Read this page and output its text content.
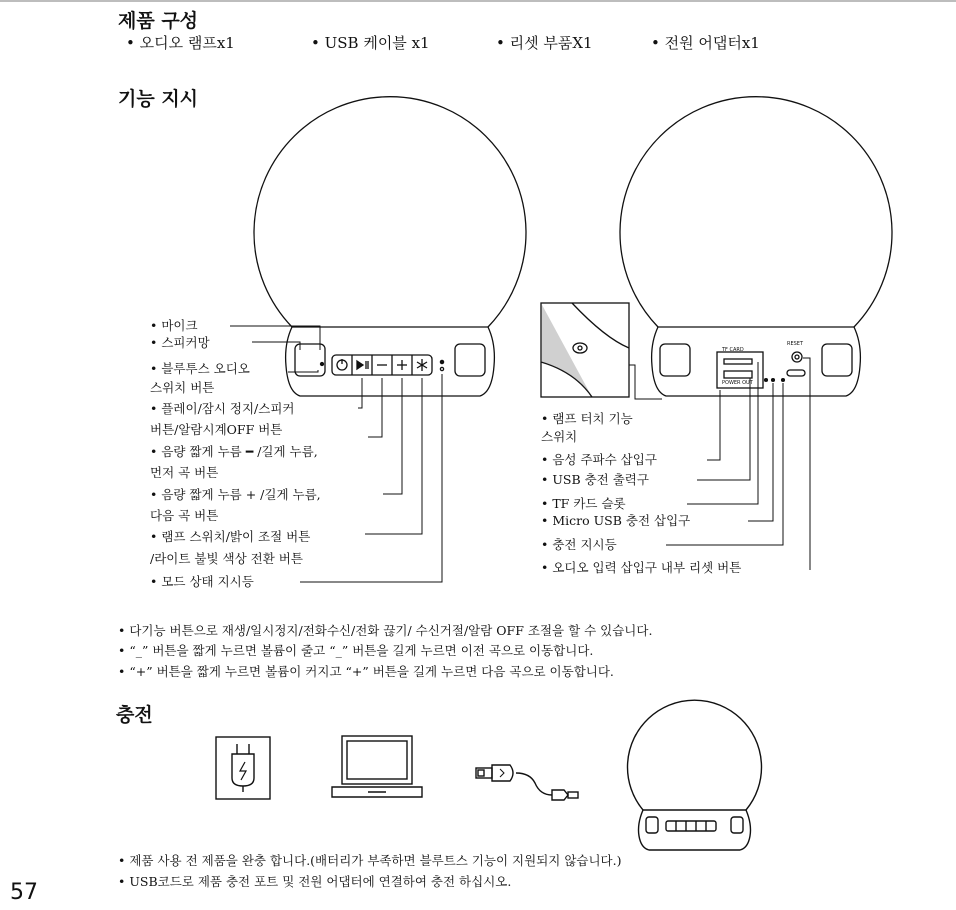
제품 구성
• 오디오 램프x1	• USB 케이블 x1	• 리셋 부품X1	• 전원 어댑터x1
기능 지시
TF CARD
POWER OUT
RESET
• 마이크
• 스피커망
• 블루투스 오디오
스위치 버튼
• 플레이/잠시 정지/스피커
버튼/알람시계OFF 버튼
• 음량 짧게 누름 ━ /길게 누름,
먼저 곡 버튼
• 음량 짧게 누름 + /길게 누름,
다음 곡 버튼
• 램프 스위치/밝이 조절 버튼
/라이트 불빛 색상 전환 버튼
• 모드 상태 지시등
• 램프 터치 기능
스위치
• 음성 주파수 삽입구
• USB 충전 출력구
• TF 카드 슬롯
• Micro USB 충전 삽입구
• 충전 지시등
• 오디오 입력 삽입구 내부 리셋 버튼
• 다기능 버튼으로 재생/일시정지/전화수신/전화 끊기/ 수신거절/알람 OFF 조절을 할 수 있습니다.
• “_” 버튼을 짧게 누르면 볼륨이 줄고 “_” 버튼을 길게 누르면 이전 곡으로 이동합니다.
• “+” 버튼을 짧게 누르면 볼륨이 커지고 “+” 버튼을 길게 누르면 다음 곡으로 이동합니다.
충전
• 제품 사용 전 제품을 완충 합니다.(배터리가 부족하면 블루트스 기능이 지원되지 않습니다.)
• USB코드로 제품 충전 포트 및 전원 어댑터에 연결하여 충전 하십시오.
57
